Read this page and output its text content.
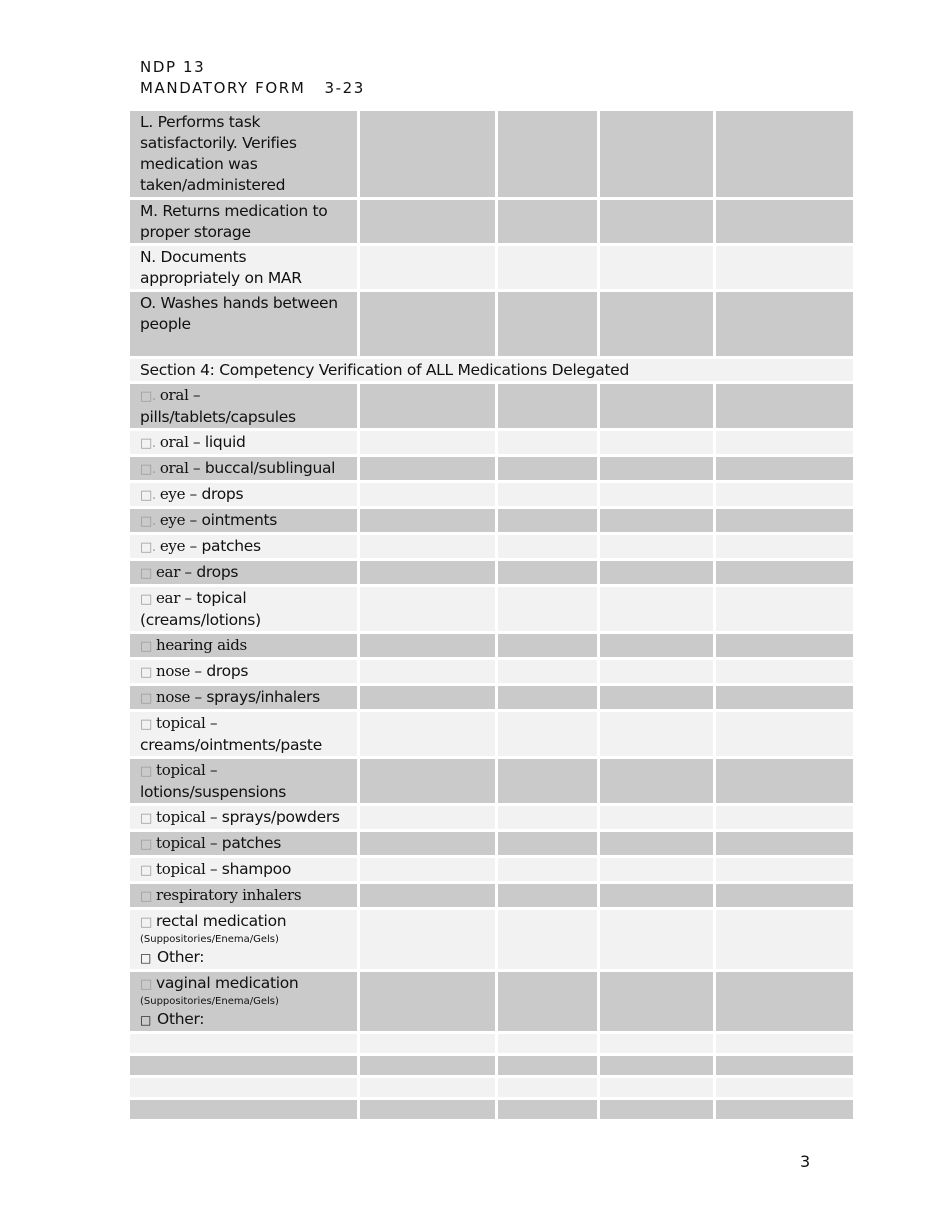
NDP 13
MANDATORY FORM   3-23
L. Performs task satisfactorily. Verifies medication was taken/administered				
M. Returns medication to proper storage				
N. Documents appropriately on MAR				
O. Washes hands between people				
Section 4: Competency Verification of ALL Medications Delegated				
□. oral – pills/tablets/capsules				
□. oral – liquid				
□. oral – buccal/sublingual				
□. eye – drops				
□. eye – ointments				
□. eye – patches				
□ ear – drops				
□ ear – topical (creams/lotions)				
□ hearing aids				
□ nose – drops				
□ nose – sprays/inhalers				
□ topical – creams/ointments/paste				
□ topical – lotions/suspensions				
□ topical – sprays/powders				
□ topical – patches				
□ topical – shampoo				
□ respiratory inhalers				
□ rectal medication
(Suppositories/Enema/Gels)
□ Other:				
□ vaginal medication
(Suppositories/Enema/Gels)
□ Other:				

3
